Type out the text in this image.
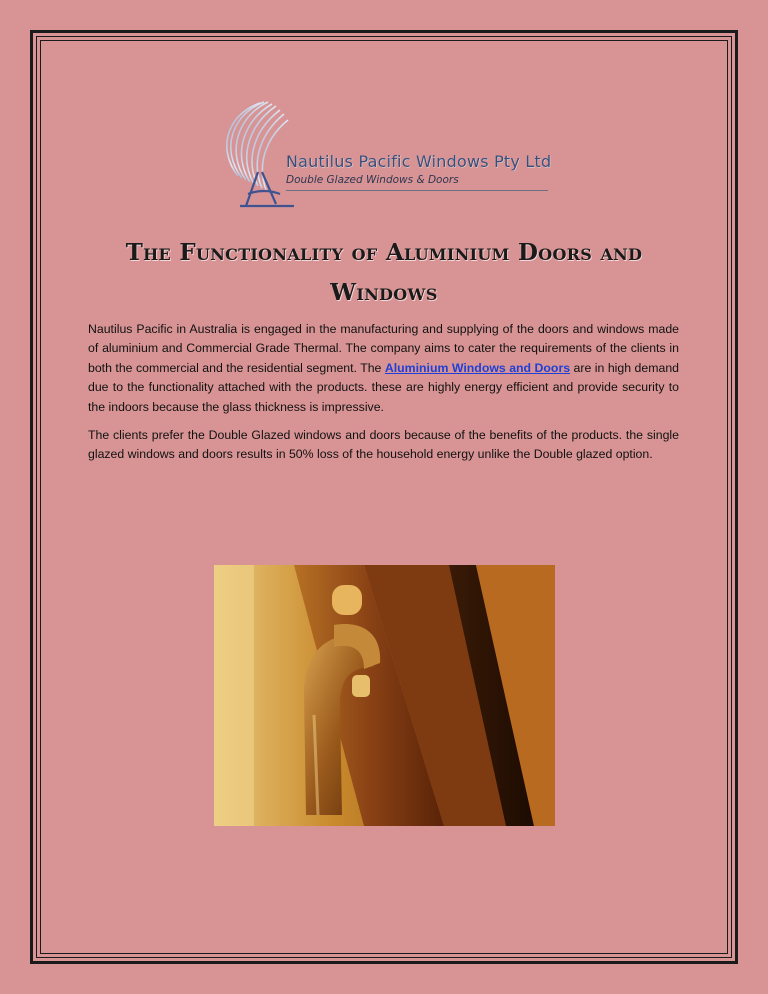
Nautilus Pacific Windows Pty Ltd
Double Glazed Windows & Doors
The Functionality of Aluminium Doors and Windows

Nautilus Pacific in Australia is engaged in the manufacturing and supplying of the doors and windows made of aluminium and Commercial Grade Thermal. The company aims to cater the requirements of the clients in both the commercial and the residential segment. The Aluminium Windows and Doors are in high demand due to the functionality attached with the products. these are highly energy efficient and provide security to the indoors because the glass thickness is impressive.

The clients prefer the Double Glazed windows and doors because of the benefits of the products. the single glazed windows and doors results in 50% loss of the household energy unlike the Double glazed option.
